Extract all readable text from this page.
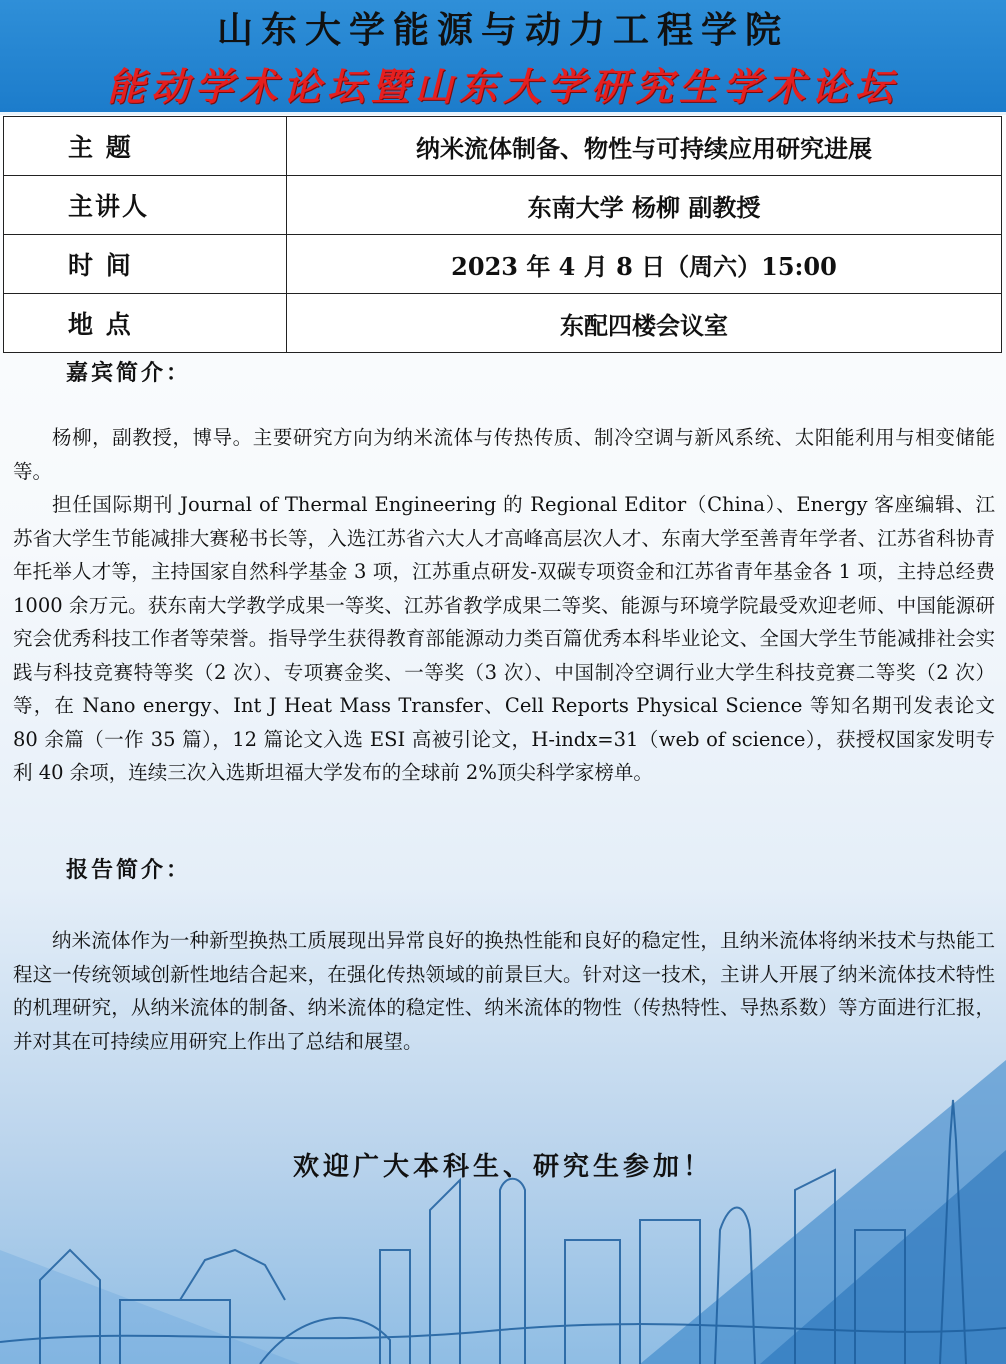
山东大学能源与动力工程学院
能动学术论坛暨山东大学研究生学术论坛
主 题	纳米流体制备、物性与可持续应用研究进展
主讲人	东南大学 杨柳 副教授
时 间	2023 年 4 月 8 日（周六）15:00
地 点	东配四楼会议室
嘉宾简介：

杨柳，副教授，博导。主要研究方向为纳米流体与传热传质、制冷空调与新风系统、太阳能利用与相变储能等。

担任国际期刊 Journal of Thermal Engineering 的 Regional Editor（China）、Energy 客座编辑、江苏省大学生节能减排大赛秘书长等，入选江苏省六大人才高峰高层次人才、东南大学至善青年学者、江苏省科协青年托举人才等，主持国家自然科学基金 3 项，江苏重点研发-双碳专项资金和江苏省青年基金各 1 项，主持总经费 1000 余万元。获东南大学教学成果一等奖、江苏省教学成果二等奖、能源与环境学院最受欢迎老师、中国能源研究会优秀科技工作者等荣誉。指导学生获得教育部能源动力类百篇优秀本科毕业论文、全国大学生节能减排社会实践与科技竞赛特等奖（2 次）、专项赛金奖、一等奖（3 次）、中国制冷空调行业大学生科技竞赛二等奖（2 次）等，在 Nano energy、Int J Heat Mass Transfer、Cell Reports Physical Science 等知名期刊发表论文 80 余篇（一作 35 篇），12 篇论文入选 ESI 高被引论文，H-indx=31（web of science），获授权国家发明专利 40 余项，连续三次入选斯坦福大学发布的全球前 2%顶尖科学家榜单。

报告简介：

纳米流体作为一种新型换热工质展现出异常良好的换热性能和良好的稳定性，且纳米流体将纳米技术与热能工程这一传统领域创新性地结合起来，在强化传热领域的前景巨大。针对这一技术，主讲人开展了纳米流体技术特性的机理研究，从纳米流体的制备、纳米流体的稳定性、纳米流体的物性（传热特性、导热系数）等方面进行汇报，并对其在可持续应用研究上作出了总结和展望。

欢迎广大本科生、研究生参加！
